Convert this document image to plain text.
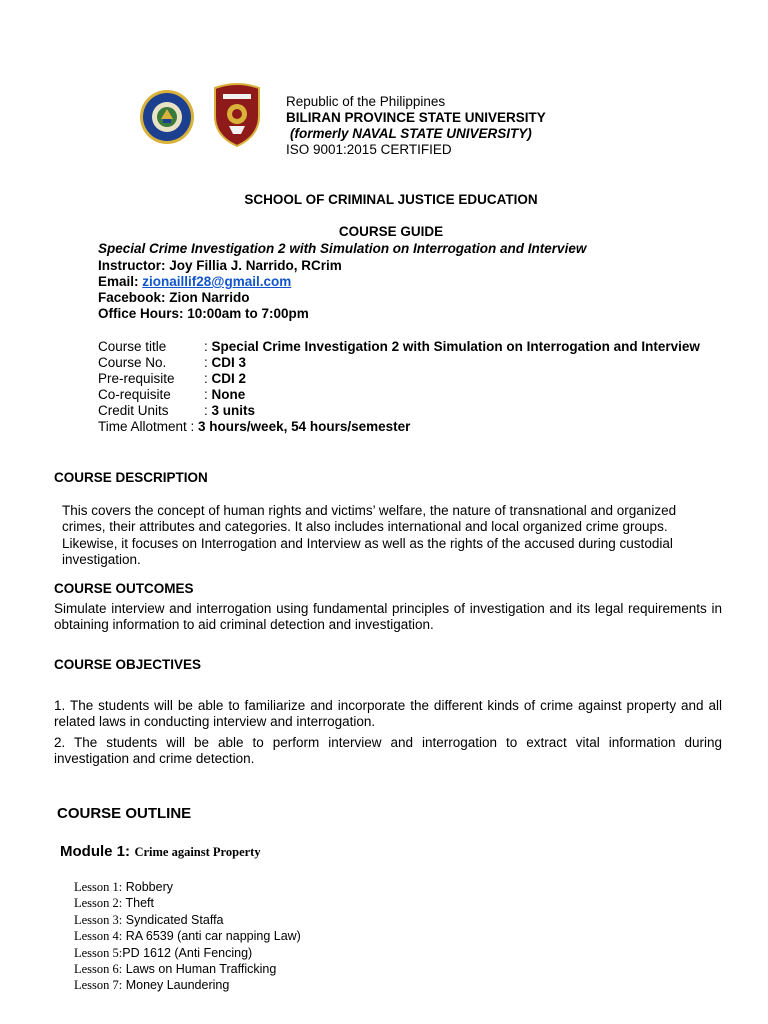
Republic of the Philippines
BILIRAN PROVINCE STATE UNIVERSITY
(formerly NAVAL STATE UNIVERSITY)
ISO 9001:2015 CERTIFIED
SCHOOL OF CRIMINAL JUSTICE EDUCATION
COURSE GUIDE
Special Crime Investigation 2 with Simulation on Interrogation and Interview
Instructor: Joy Fillia J. Narrido, RCrim
Email: zionaillif28@gmail.com
Facebook: Zion Narrido
Office Hours: 10:00am to 7:00pm
Course title	: Special Crime Investigation 2 with Simulation on Interrogation and Interview
Course No.	: CDI 3
Pre-requisite : CDI 2
Co-requisite : None
Credit Units	: 3 units
Time Allotment : 3 hours/week, 54 hours/semester
COURSE DESCRIPTION
This covers the concept of human rights and victims’ welfare, the nature of transnational and organized crimes, their attributes and categories. It also includes international and local organized crime groups. Likewise, it focuses on Interrogation and Interview as well as the rights of the accused during custodial investigation.
COURSE OUTCOMES
Simulate interview and interrogation using fundamental principles of investigation and its legal requirements in obtaining information to aid criminal detection and investigation.
COURSE OBJECTIVES
1. The students will be able to familiarize and incorporate the different kinds of crime against property and all related laws in conducting interview and interrogation.
2. The students will be able to perform interview and interrogation to extract vital information during investigation and crime detection.
COURSE OUTLINE
Module 1: Crime against Property
Lesson 1: Robbery
Lesson 2: Theft
Lesson 3: Syndicated Staffa
Lesson 4: RA 6539 (anti car napping Law)
Lesson 5:PD 1612 (Anti Fencing)
Lesson 6: Laws on Human Trafficking
Lesson 7: Money Laundering
